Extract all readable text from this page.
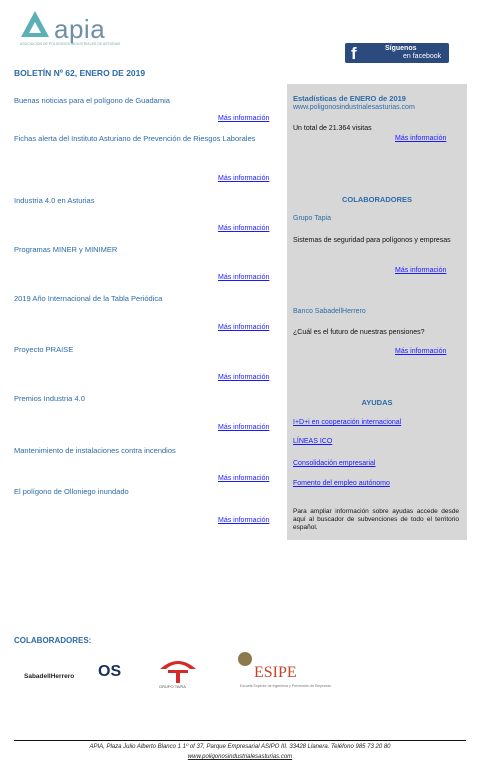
apia
ASOCIACIÓN DE POLÍGONOS INDUSTRIALES DE ASTURIAS	f	Síguenos
en facebook
BOLETÍN Nº 62, ENERO DE 2019
Buenas noticias para el polígono de Guadamia
Más información
Fichas alerta del Instituto Asturiano de Prevención de Riesgos Laborales
Más información
Industria 4.0 en Asturias
Más información
Programas MINER y MINIMER
Más información
2019 Año Internacional de la Tabla Periódica
Más información
Proyecto PRAISE
Más información
Premios Industria 4.0
Más información
Mantenimiento de instalaciones contra incendios
Más información
El polígono de Olloniego inundado
Más información
Estadísticas de ENERO de 2019
www.poligonosindustrialesasturias.com
Un total de 21.364 visitas
Más información
COLABORADORES
Grupo Tapia
Sistemas de seguridad para polígonos y empresas
Más información
Banco SabadellHerrero
¿Cuál es el futuro de nuestras pensiones?
Más información
AYUDAS
I+D+i en cooperación internacional
LÍNEAS ICO
Consolidación empresarial
Fomento del empleo autónomo
Para ampliar información sobre ayudas accede desde aquí al buscador de subvenciones de todo el territorio español.
COLABORADORES:
SabadellHerrero OS
GRUPO TAPIA
ESIPE
Escuela Superior de Ingeniería y Prevención de Empresas
APIA, Plaza Julio Alberto Blanco 1 1º of 37, Parque Empresarial ASIPO III. 33428 Llanera. Teléfono 985 73 20 80
www.poligonosindustrialesasturias.com
